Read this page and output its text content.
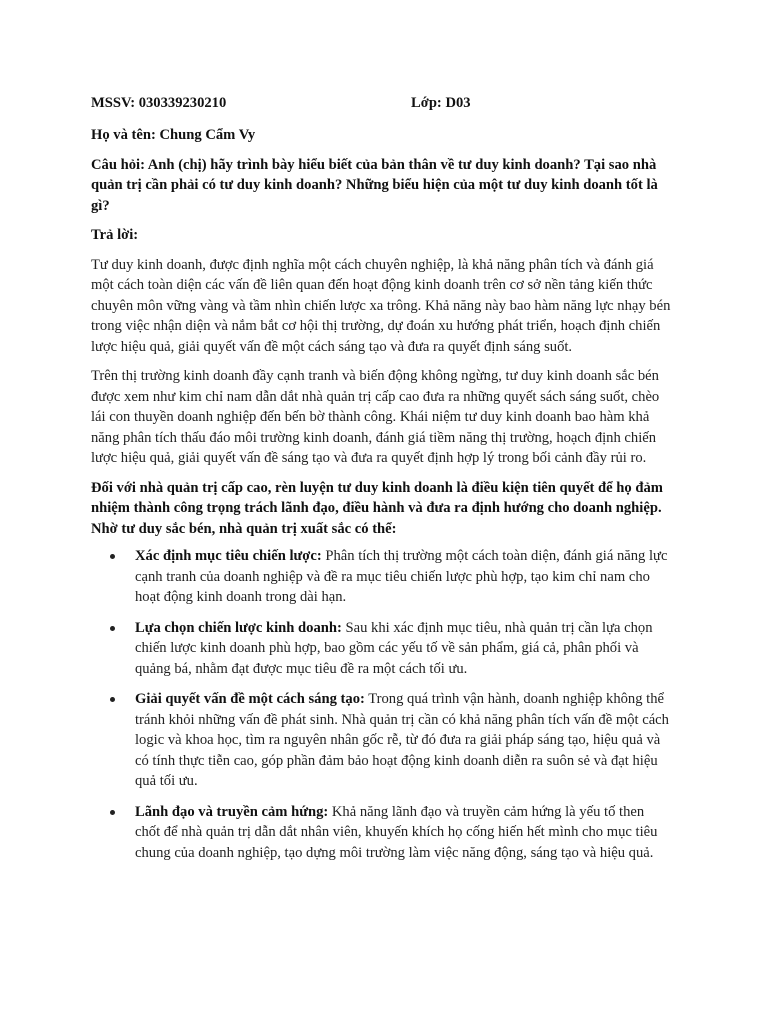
MSSV: 030339230210	Lớp: D03
Họ và tên: Chung Cẩm Vy
Câu hỏi: Anh (chị) hãy trình bày hiểu biết của bản thân về tư duy kinh doanh? Tại sao nhà quản trị cần phải có tư duy kinh doanh? Những biểu hiện của một tư duy kinh doanh tốt là gì?
Trả lời:

Tư duy kinh doanh, được định nghĩa một cách chuyên nghiệp, là khả năng phân tích và đánh giá một cách toàn diện các vấn đề liên quan đến hoạt động kinh doanh trên cơ sở nền tảng kiến thức chuyên môn vững vàng và tầm nhìn chiến lược xa trông. Khả năng này bao hàm năng lực nhạy bén trong việc nhận diện và nắm bắt cơ hội thị trường, dự đoán xu hướng phát triển, hoạch định chiến lược hiệu quả, giải quyết vấn đề một cách sáng tạo và đưa ra quyết định sáng suốt.

Trên thị trường kinh doanh đầy cạnh tranh và biến động không ngừng, tư duy kinh doanh sắc bén được xem như kim chỉ nam dẫn dắt nhà quản trị cấp cao đưa ra những quyết sách sáng suốt, chèo lái con thuyền doanh nghiệp đến bến bờ thành công. Khái niệm tư duy kinh doanh bao hàm khả năng phân tích thấu đáo môi trường kinh doanh, đánh giá tiềm năng thị trường, hoạch định chiến lược hiệu quả, giải quyết vấn đề sáng tạo và đưa ra quyết định hợp lý trong bối cảnh đầy rủi ro.

Đối với nhà quản trị cấp cao, rèn luyện tư duy kinh doanh là điều kiện tiên quyết để họ đảm nhiệm thành công trọng trách lãnh đạo, điều hành và đưa ra định hướng cho doanh nghiệp. Nhờ tư duy sắc bén, nhà quản trị xuất sắc có thể:

Xác định mục tiêu chiến lược: Phân tích thị trường một cách toàn diện, đánh giá năng lực cạnh tranh của doanh nghiệp và đề ra mục tiêu chiến lược phù hợp, tạo kim chỉ nam cho hoạt động kinh doanh trong dài hạn.
Lựa chọn chiến lược kinh doanh: Sau khi xác định mục tiêu, nhà quản trị cần lựa chọn chiến lược kinh doanh phù hợp, bao gồm các yếu tố về sản phẩm, giá cả, phân phối và quảng bá, nhằm đạt được mục tiêu đề ra một cách tối ưu.
Giải quyết vấn đề một cách sáng tạo: Trong quá trình vận hành, doanh nghiệp không thể tránh khỏi những vấn đề phát sinh. Nhà quản trị cần có khả năng phân tích vấn đề một cách logic và khoa học, tìm ra nguyên nhân gốc rễ, từ đó đưa ra giải pháp sáng tạo, hiệu quả và có tính thực tiễn cao, góp phần đảm bảo hoạt động kinh doanh diễn ra suôn sẻ và đạt hiệu quả tối ưu.
Lãnh đạo và truyền cảm hứng: Khả năng lãnh đạo và truyền cảm hứng là yếu tố then chốt để nhà quản trị dẫn dắt nhân viên, khuyến khích họ cống hiến hết mình cho mục tiêu chung của doanh nghiệp, tạo dựng môi trường làm việc năng động, sáng tạo và hiệu quả.
